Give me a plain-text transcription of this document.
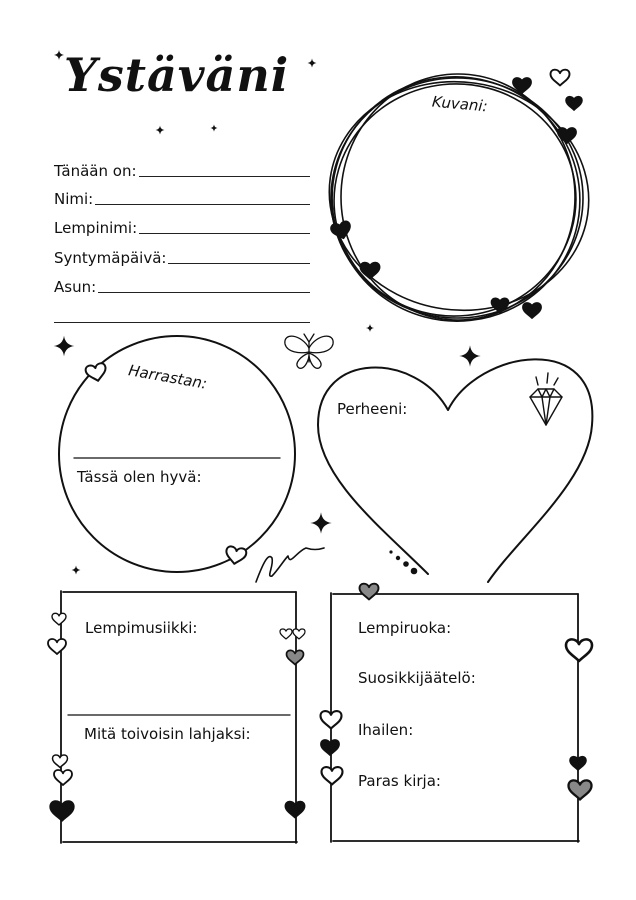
Ystäväni
Tänään on:
Nimi:
Lempinimi:
Syntymäpäivä:
Asun:
Kuvani:
Harrastan:
Tässä olen hyvä:
Perheeni:
Lempimusiikki:
Mitä toivoisin lahjaksi:
Lempiruoka:
Suosikkijäätelö:
Ihailen:
Paras kirja:
